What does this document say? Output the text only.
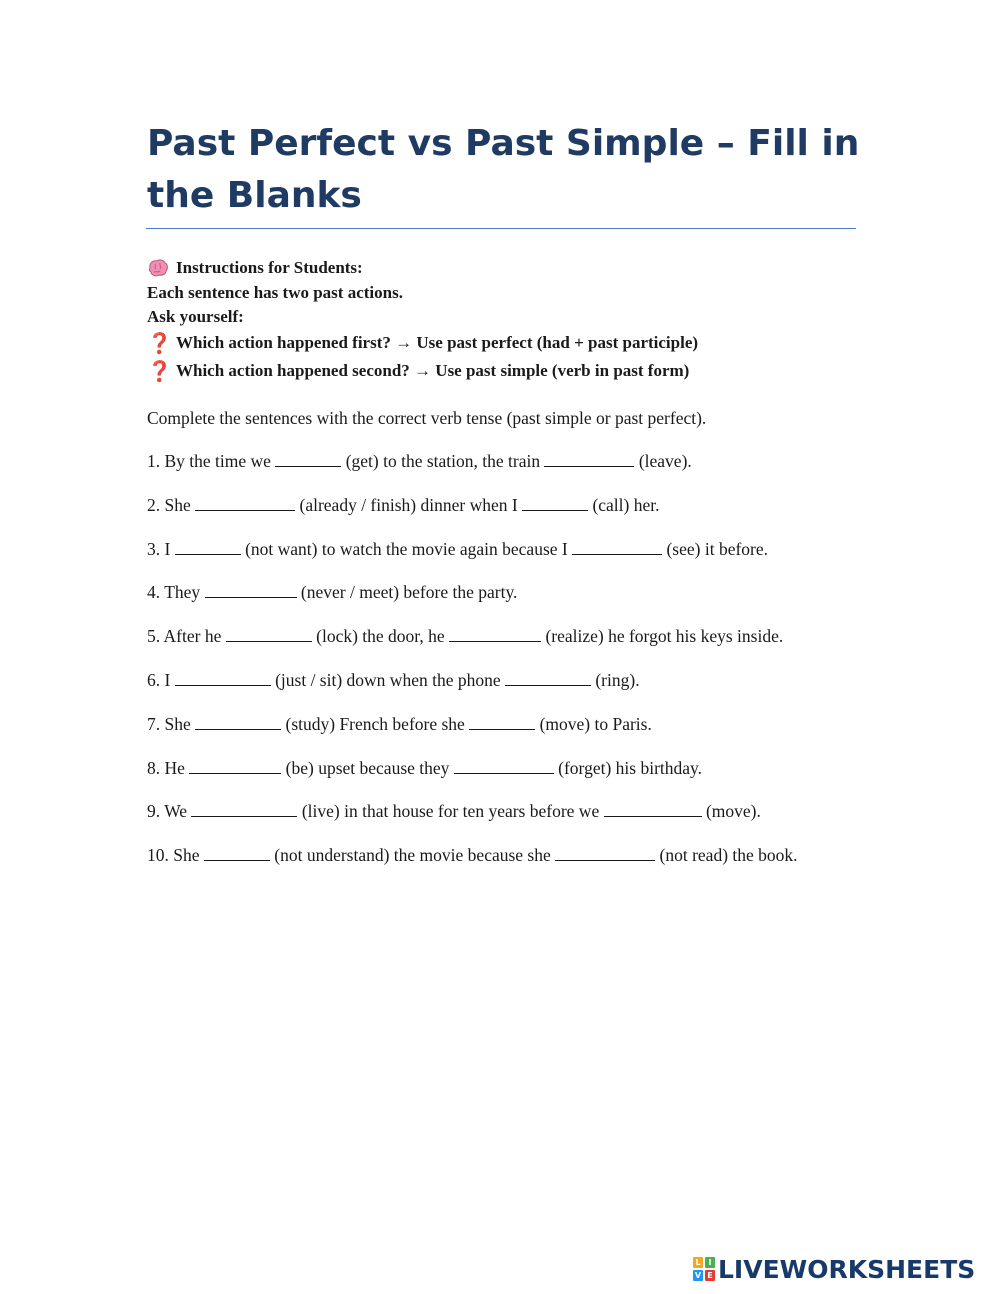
Past Perfect vs Past Simple – Fill in the Blanks
Instructions for Students:
Each sentence has two past actions.
Ask yourself:
❓ Which action happened first? → Use past perfect (had + past participle)
❓ Which action happened second? → Use past simple (verb in past form)
Complete the sentences with the correct verb tense (past simple or past perfect).
1. By the time we	(get) to the station, the train	(leave).
2. She	(already / finish) dinner when I	(call) her.
3. I	(not want) to watch the movie again because I	(see) it before.
4. They	(never / meet) before the party.
5. After he	(lock) the door, he	(realize) he forgot his keys inside.
6. I	(just / sit) down when the phone	(ring).
7. She	(study) French before she	(move) to Paris.
8. He	(be) upset because they	(forget) his birthday.
9. We	(live) in that house for ten years before we	(move).
10. She	(not understand) the movie because she	(not read) the book.
L I
V E LIVEWORKSHEETS
